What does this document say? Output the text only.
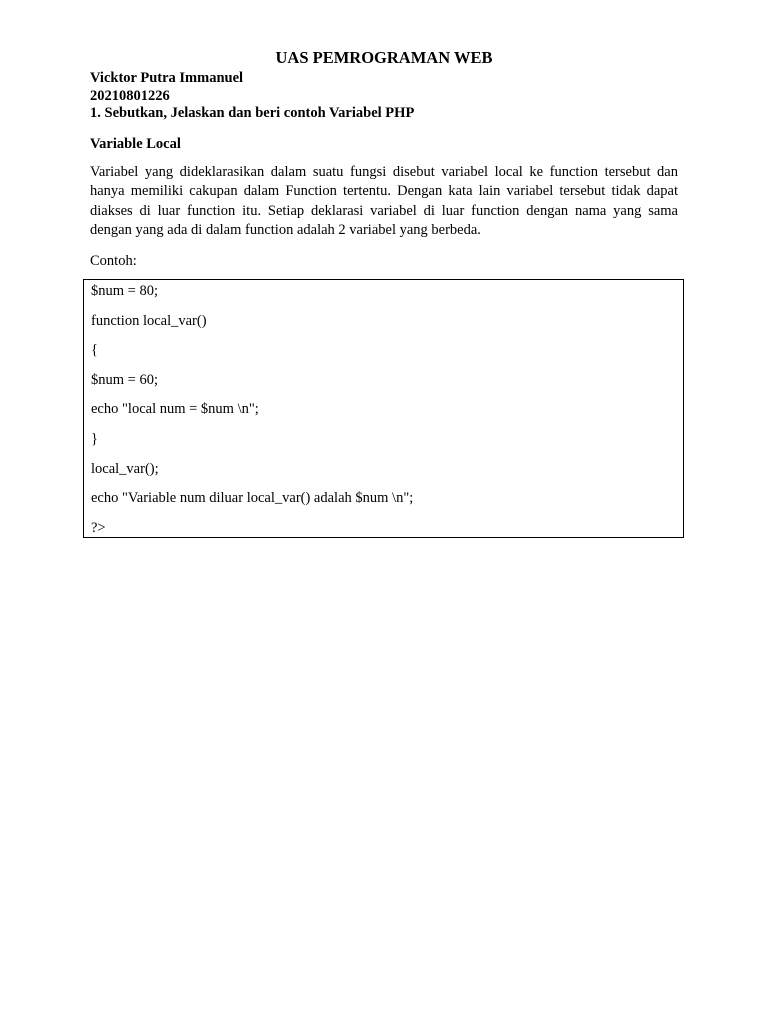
UAS PEMROGRAMAN WEB
Vicktor Putra Immanuel
20210801226
1. Sebutkan, Jelaskan dan beri contoh Variabel PHP
Variable Local
Variabel yang dideklarasikan dalam suatu fungsi disebut variabel local ke function tersebut dan hanya memiliki cakupan dalam Function tertentu. Dengan kata lain variabel tersebut tidak dapat diakses di luar function itu. Setiap deklarasi variabel di luar function dengan nama yang sama dengan yang ada di dalam function adalah 2 variabel yang berbeda.
Contoh:
$num = 80;
function local_var()
{
$num = 60;
echo "local num = $num \n";
}
local_var();
echo "Variable num diluar local_var() adalah $num \n";
?>
